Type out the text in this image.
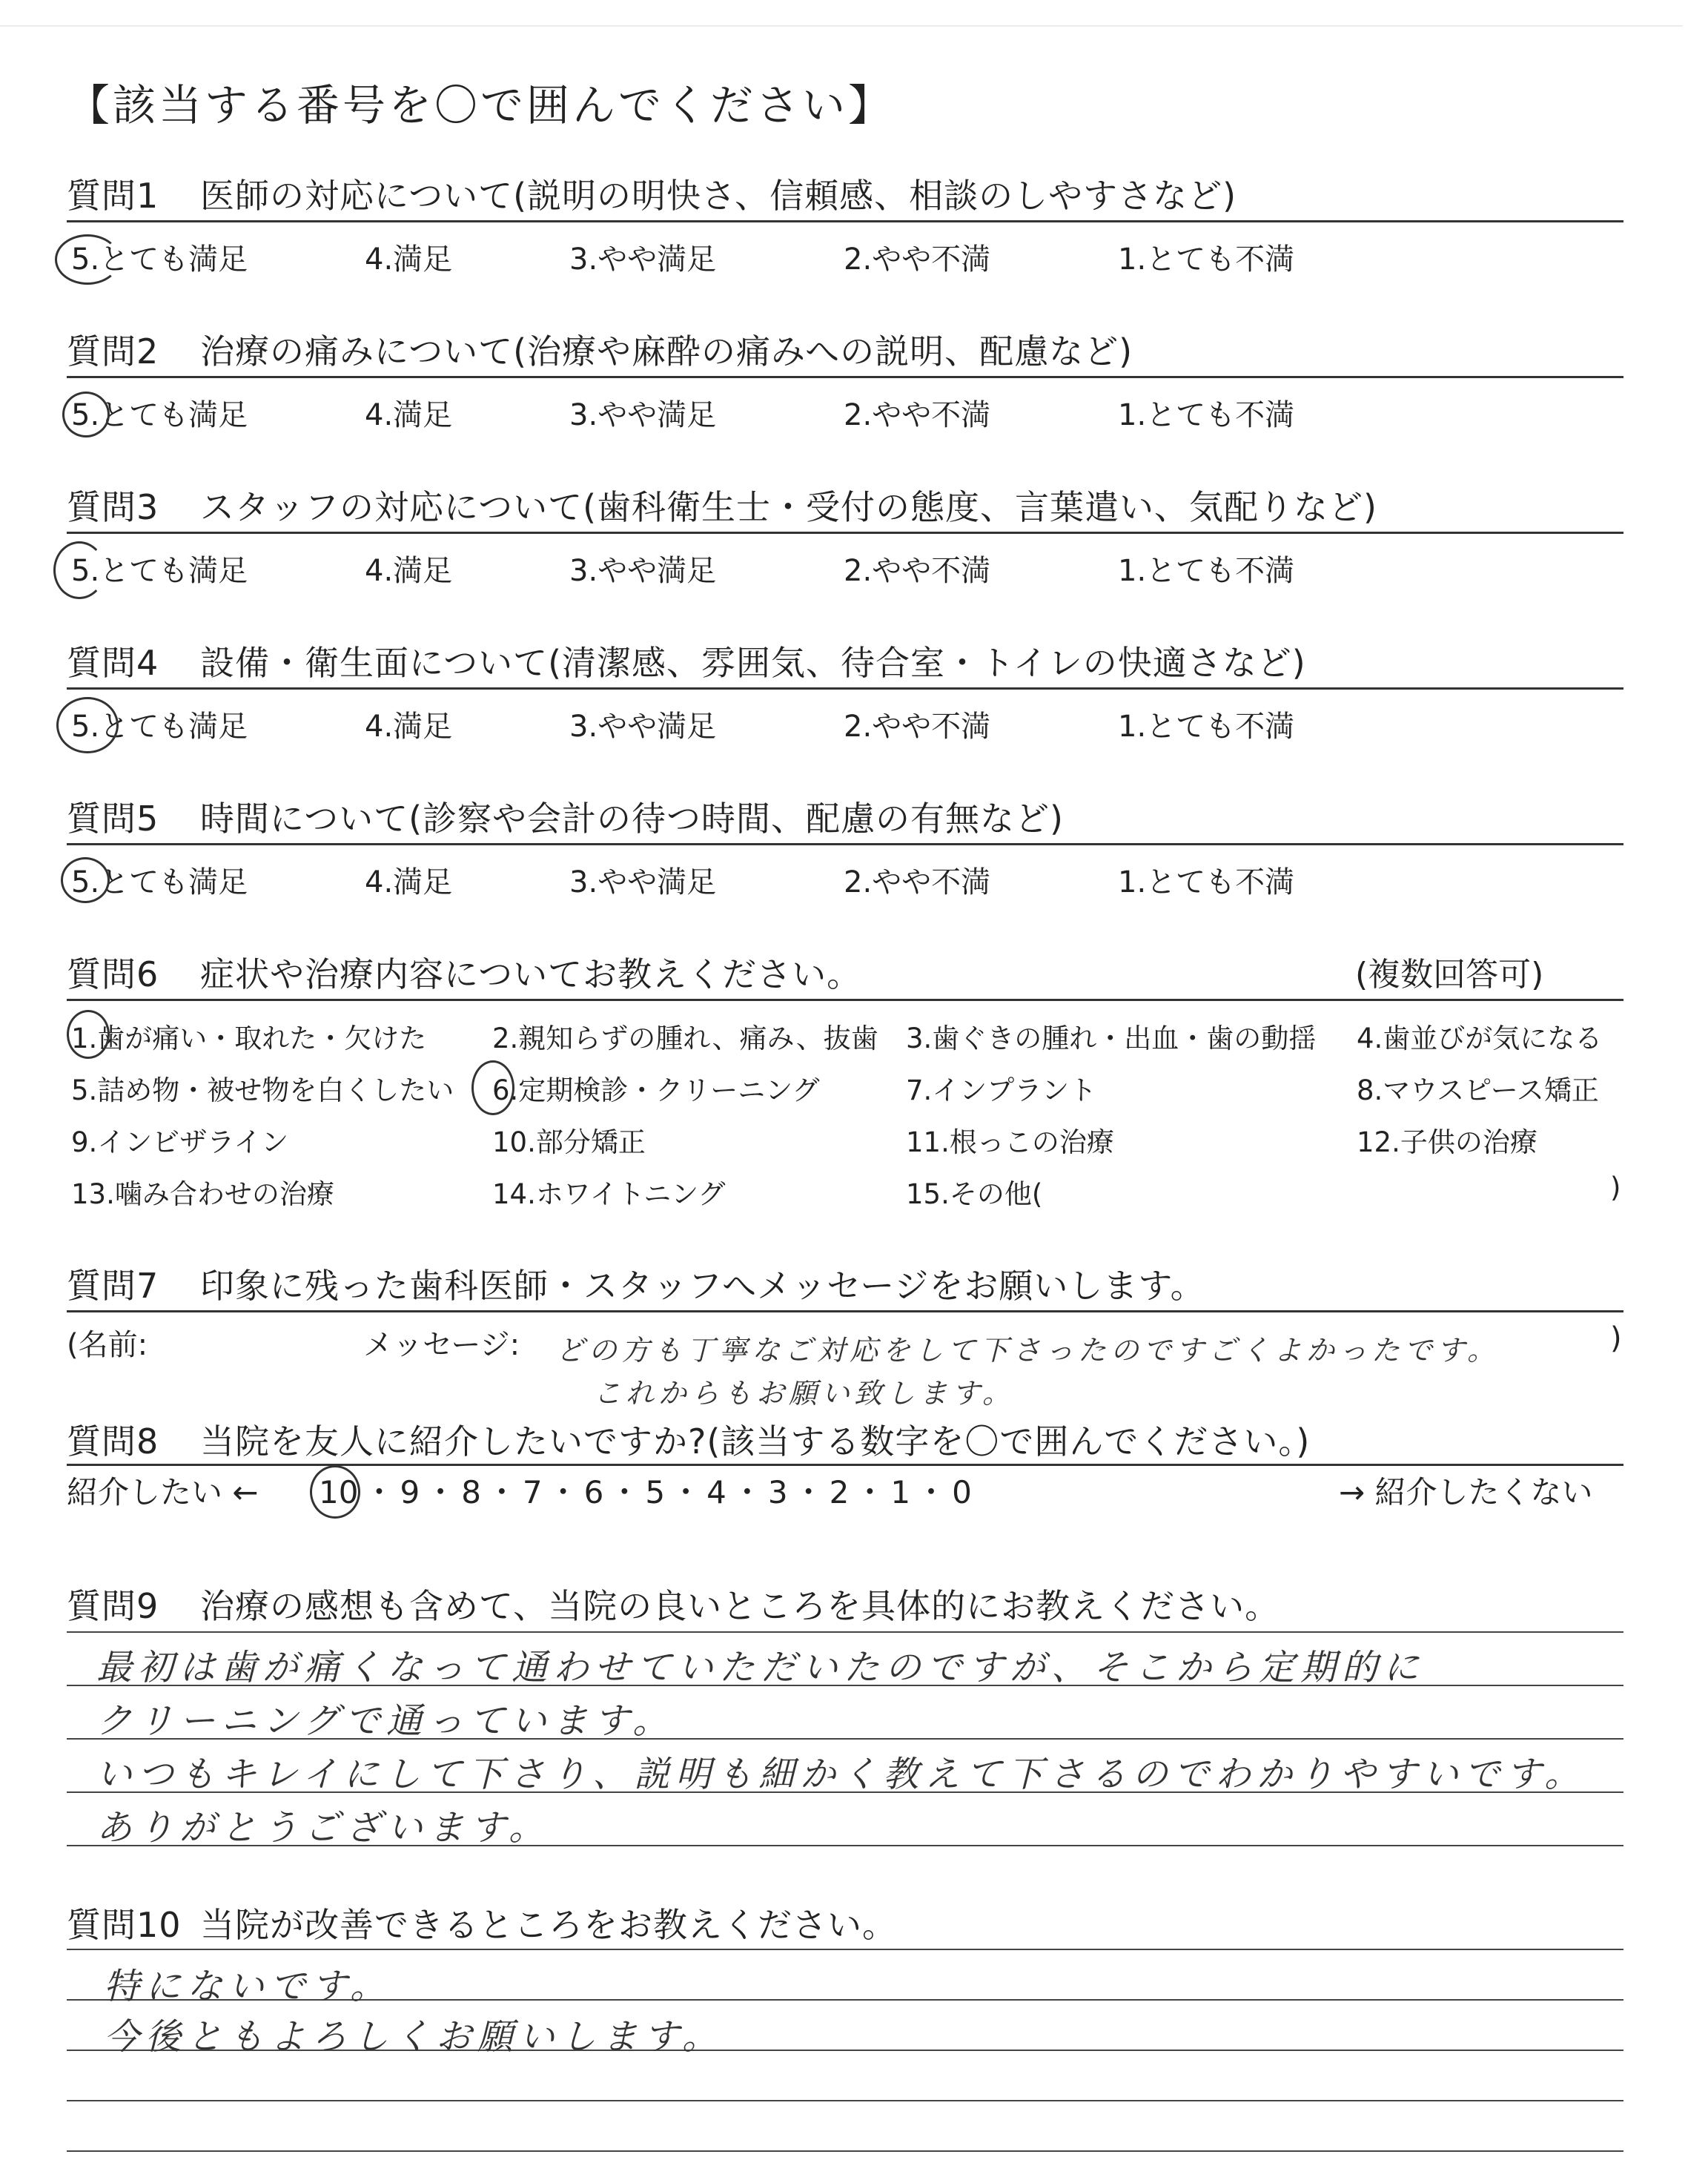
【該当する番号を〇で囲んでください】
質問1 医師の対応について(説明の明快さ、信頼感、相談のしやすさなど)
5.とても満足	4.満足	3.やや満足	2.やや不満	1.とても不満
質問2 治療の痛みについて(治療や麻酔の痛みへの説明、配慮など)
5.とても満足	4.満足	3.やや満足	2.やや不満	1.とても不満
質問3 スタッフの対応について(歯科衛生士・受付の態度、言葉遣い、気配りなど)
5.とても満足	4.満足	3.やや満足	2.やや不満	1.とても不満
質問4 設備・衛生面について(清潔感、雰囲気、待合室・トイレの快適さなど)
5.とても満足	4.満足	3.やや満足	2.やや不満	1.とても不満
質問5 時間について(診察や会計の待つ時間、配慮の有無など)
5.とても満足	4.満足	3.やや満足	2.やや不満	1.とても不満
質問6 症状や治療内容についてお教えください。	(複数回答可)
1.歯が痛い・取れた・欠けた 2.親知らずの腫れ、痛み、抜歯 3.歯ぐきの腫れ・出血・歯の動揺 4.歯並びが気になる
5.詰め物・被せ物を白くしたい 6.定期検診・クリーニング	7.インプラント	8.マウスピース矯正
9.インビザライン	10.部分矯正	11.根っこの治療	12.子供の治療
13.噛み合わせの治療	14.ホワイトニング	15.その他(	)
質問7 印象に残った歯科医師・スタッフへメッセージをお願いします。
(名前:	メッセージ:	)
どの方も丁寧なご対応をして下さったのですごくよかったです。
これからもお願い致します。
質問8 当院を友人に紹介したいですか?(該当する数字を〇で囲んでください。)
紹介したい ← 10 ・ 9 ・ 8 ・ 7 ・ 6 ・ 5 ・ 4 ・ 3 ・ 2 ・ 1 ・ 0	→ 紹介したくない
質問9 治療の感想も含めて、当院の良いところを具体的にお教えください。
最初は歯が痛くなって通わせていただいたのですが、そこから定期的に
クリーニングで通っています。
いつもキレイにして下さり、説明も細かく教えて下さるのでわかりやすいです。
ありがとうございます。
質問10 当院が改善できるところをお教えください。
特にないです。
今後ともよろしくお願いします。
